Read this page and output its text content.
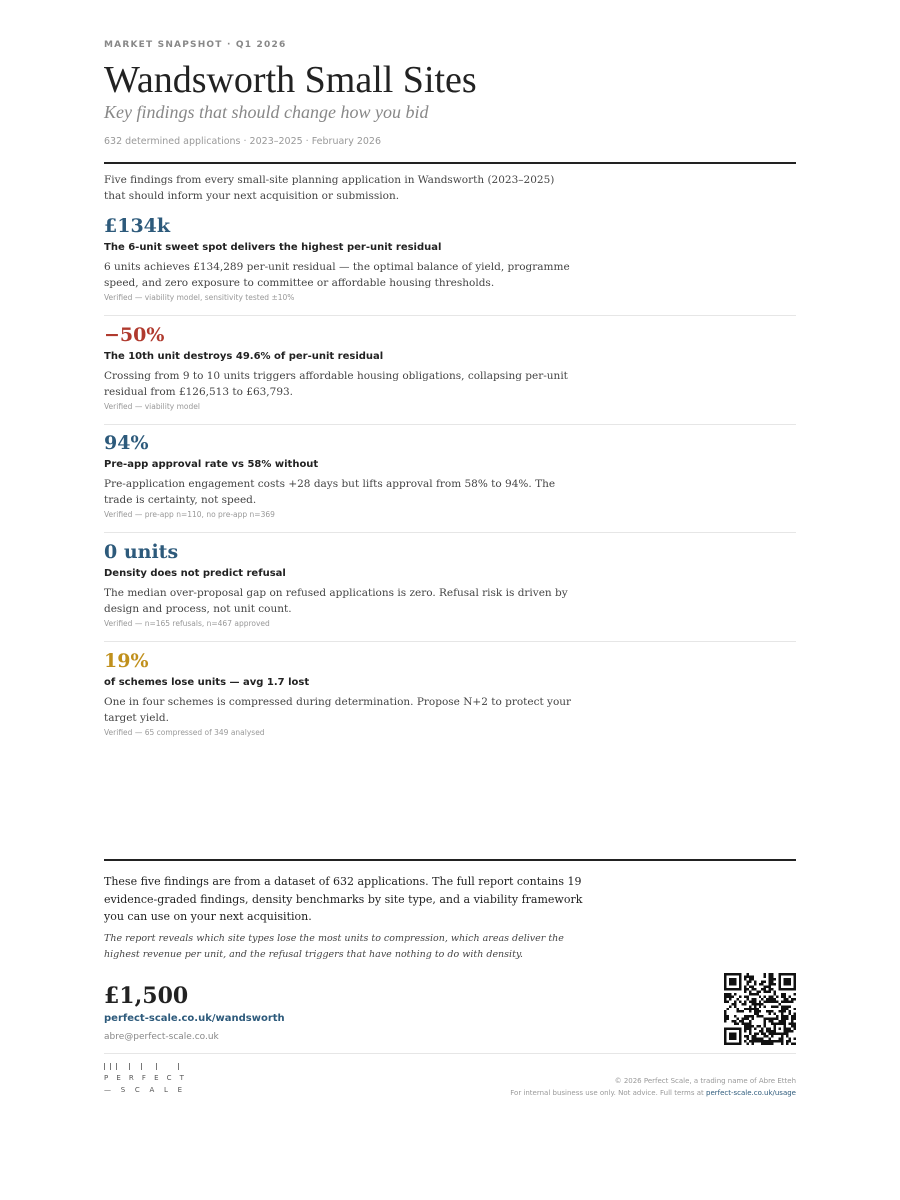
MARKET SNAPSHOT · Q1 2026
Wandsworth Small Sites
Key findings that should change how you bid
632 determined applications · 2023–2025 · February 2026
Five findings from every small-site planning application in Wandsworth (2023–2025) that should inform your next acquisition or submission.
£134k
The 6-unit sweet spot delivers the highest per-unit residual
6 units achieves £134,289 per-unit residual — the optimal balance of yield, programme speed, and zero exposure to committee or affordable housing thresholds.
Verified — viability model, sensitivity tested ±10%
−50%
The 10th unit destroys 49.6% of per-unit residual
Crossing from 9 to 10 units triggers affordable housing obligations, collapsing per-unit residual from £126,513 to £63,793.
Verified — viability model
94%
Pre-app approval rate vs 58% without
Pre-application engagement costs +28 days but lifts approval from 58% to 94%. The trade is certainty, not speed.
Verified — pre-app n=110, no pre-app n=369
0 units
Density does not predict refusal
The median over-proposal gap on refused applications is zero. Refusal risk is driven by design and process, not unit count.
Verified — n=165 refusals, n=467 approved
19%
of schemes lose units — avg 1.7 lost
One in four schemes is compressed during determination. Propose N+2 to protect your target yield.
Verified — 65 compressed of 349 analysed
These five findings are from a dataset of 632 applications. The full report contains 19 evidence-graded findings, density benchmarks by site type, and a viability framework you can use on your next acquisition.
The report reveals which site types lose the most units to compression, which areas deliver the highest revenue per unit, and the refusal triggers that have nothing to do with density.
£1,500
perfect-scale.co.uk/wandsworth
abre@perfect-scale.co.uk
P E R F E C T
— S C A L E
© 2026 Perfect Scale, a trading name of Abre Etteh
For internal business use only. Not advice. Full terms at perfect-scale.co.uk/usage
